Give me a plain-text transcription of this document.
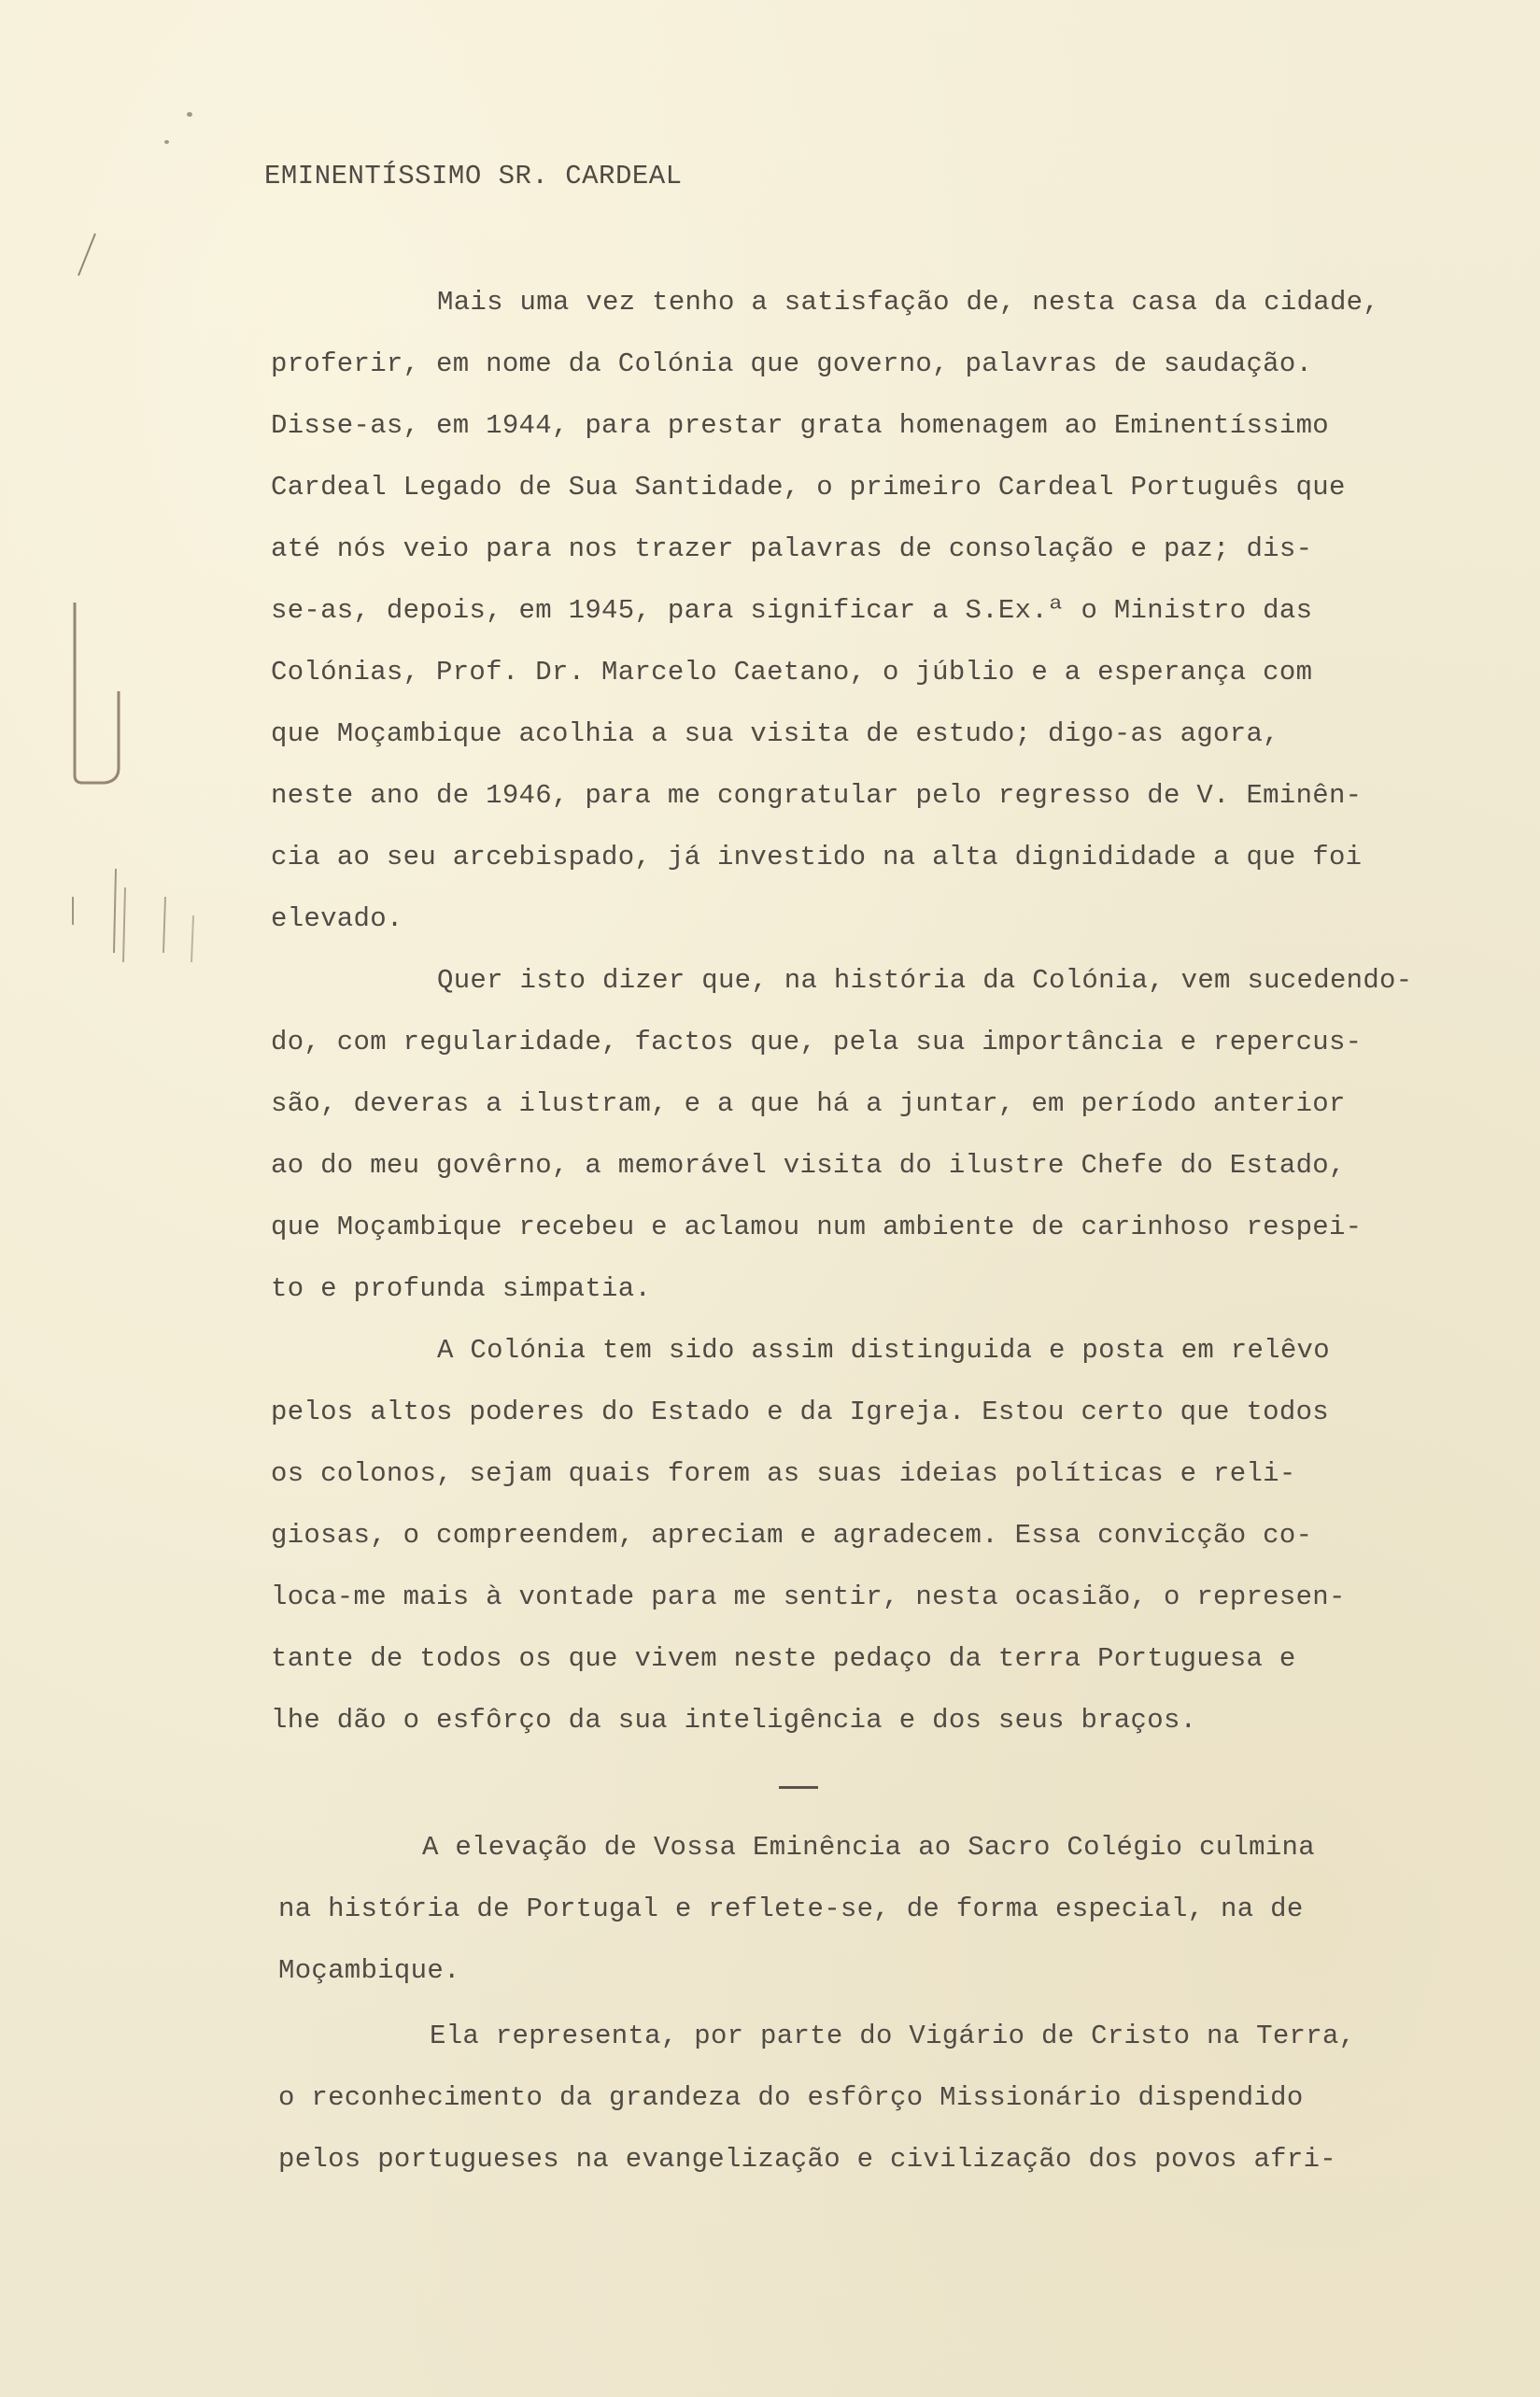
EMINENTÍSSIMO SR. CARDEAL

Mais uma vez tenho a satisfação de, nesta casa da cidade,

proferir, em nome da Colónia que governo, palavras de saudação.

Disse-as, em 1944, para prestar grata homenagem ao Eminentíssimo

Cardeal Legado de Sua Santidade, o primeiro Cardeal Português que

até nós veio para nos trazer palavras de consolação e paz; dis-

se-as, depois, em 1945, para significar a S.Ex.ª o Ministro das

Colónias, Prof. Dr. Marcelo Caetano, o júblio e a esperança com

que Moçambique acolhia a sua visita de estudo; digo-as agora,

neste ano de 1946, para me congratular pelo regresso de V. Eminên-

cia ao seu arcebispado, já investido na alta dignididade a que foi

elevado.

Quer isto dizer que, na história da Colónia, vem sucedendo-

do, com regularidade, factos que, pela sua importância e repercus-

são, deveras a ilustram, e a que há a juntar, em período anterior

ao do meu govêrno, a memorável visita do ilustre Chefe do Estado,

que Moçambique recebeu e aclamou num ambiente de carinhoso respei-

to e profunda simpatia.

A Colónia tem sido assim distinguida e posta em relêvo

pelos altos poderes do Estado e da Igreja. Estou certo que todos

os colonos, sejam quais forem as suas ideias políticas e reli-

giosas, o compreendem, apreciam e agradecem. Essa convicção co-

loca-me mais à vontade para me sentir, nesta ocasião, o represen-

tante de todos os que vivem neste pedaço da terra Portuguesa e

lhe dão o esfôrço da sua inteligência e dos seus braços.

A elevação de Vossa Eminência ao Sacro Colégio culmina

na história de Portugal e reflete-se, de forma especial, na de

Moçambique.

Ela representa, por parte do Vigário de Cristo na Terra,

o reconhecimento da grandeza do esfôrço Missionário dispendido

pelos portugueses na evangelização e civilização dos povos afri-
